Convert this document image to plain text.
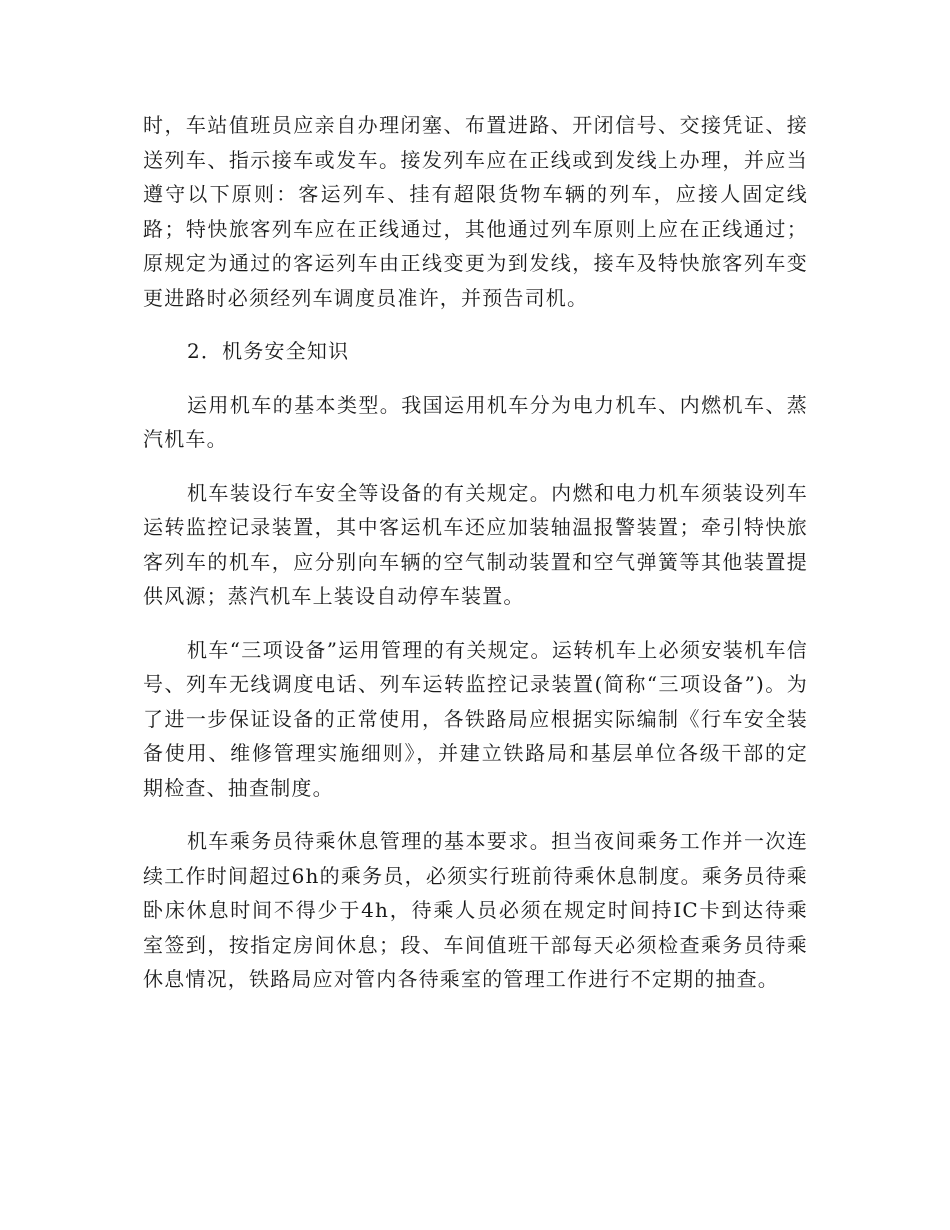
时，车站值班员应亲自办理闭塞、布置进路、开闭信号、交接凭证、接送列车、指示接车或发车。接发列车应在正线或到发线上办理，并应当遵守以下原则：客运列车、挂有超限货物车辆的列车，应接人固定线路；特快旅客列车应在正线通过，其他通过列车原则上应在正线通过；原规定为通过的客运列车由正线变更为到发线，接车及特快旅客列车变更进路时必须经列车调度员准许，并预告司机。

2．机务安全知识

运用机车的基本类型。我国运用机车分为电力机车、内燃机车、蒸汽机车。

机车装设行车安全等设备的有关规定。内燃和电力机车须装设列车运转监控记录装置，其中客运机车还应加装轴温报警装置；牵引特快旅客列车的机车，应分别向车辆的空气制动装置和空气弹簧等其他装置提供风源；蒸汽机车上装设自动停车装置。

机车“三项设备”运用管理的有关规定。运转机车上必须安装机车信号、列车无线调度电话、列车运转监控记录装置(简称“三项设备”)。为了进一步保证设备的正常使用，各铁路局应根据实际编制《行车安全装备使用、维修管理实施细则》，并建立铁路局和基层单位各级干部的定期检查、抽查制度。

机车乘务员待乘休息管理的基本要求。担当夜间乘务工作并一次连续工作时间超过6h的乘务员，必须实行班前待乘休息制度。乘务员待乘卧床休息时间不得少于4h，待乘人员必须在规定时间持IC卡到达待乘室签到，按指定房间休息；段、车间值班干部每天必须检查乘务员待乘休息情况，铁路局应对管内各待乘室的管理工作进行不定期的抽查。
